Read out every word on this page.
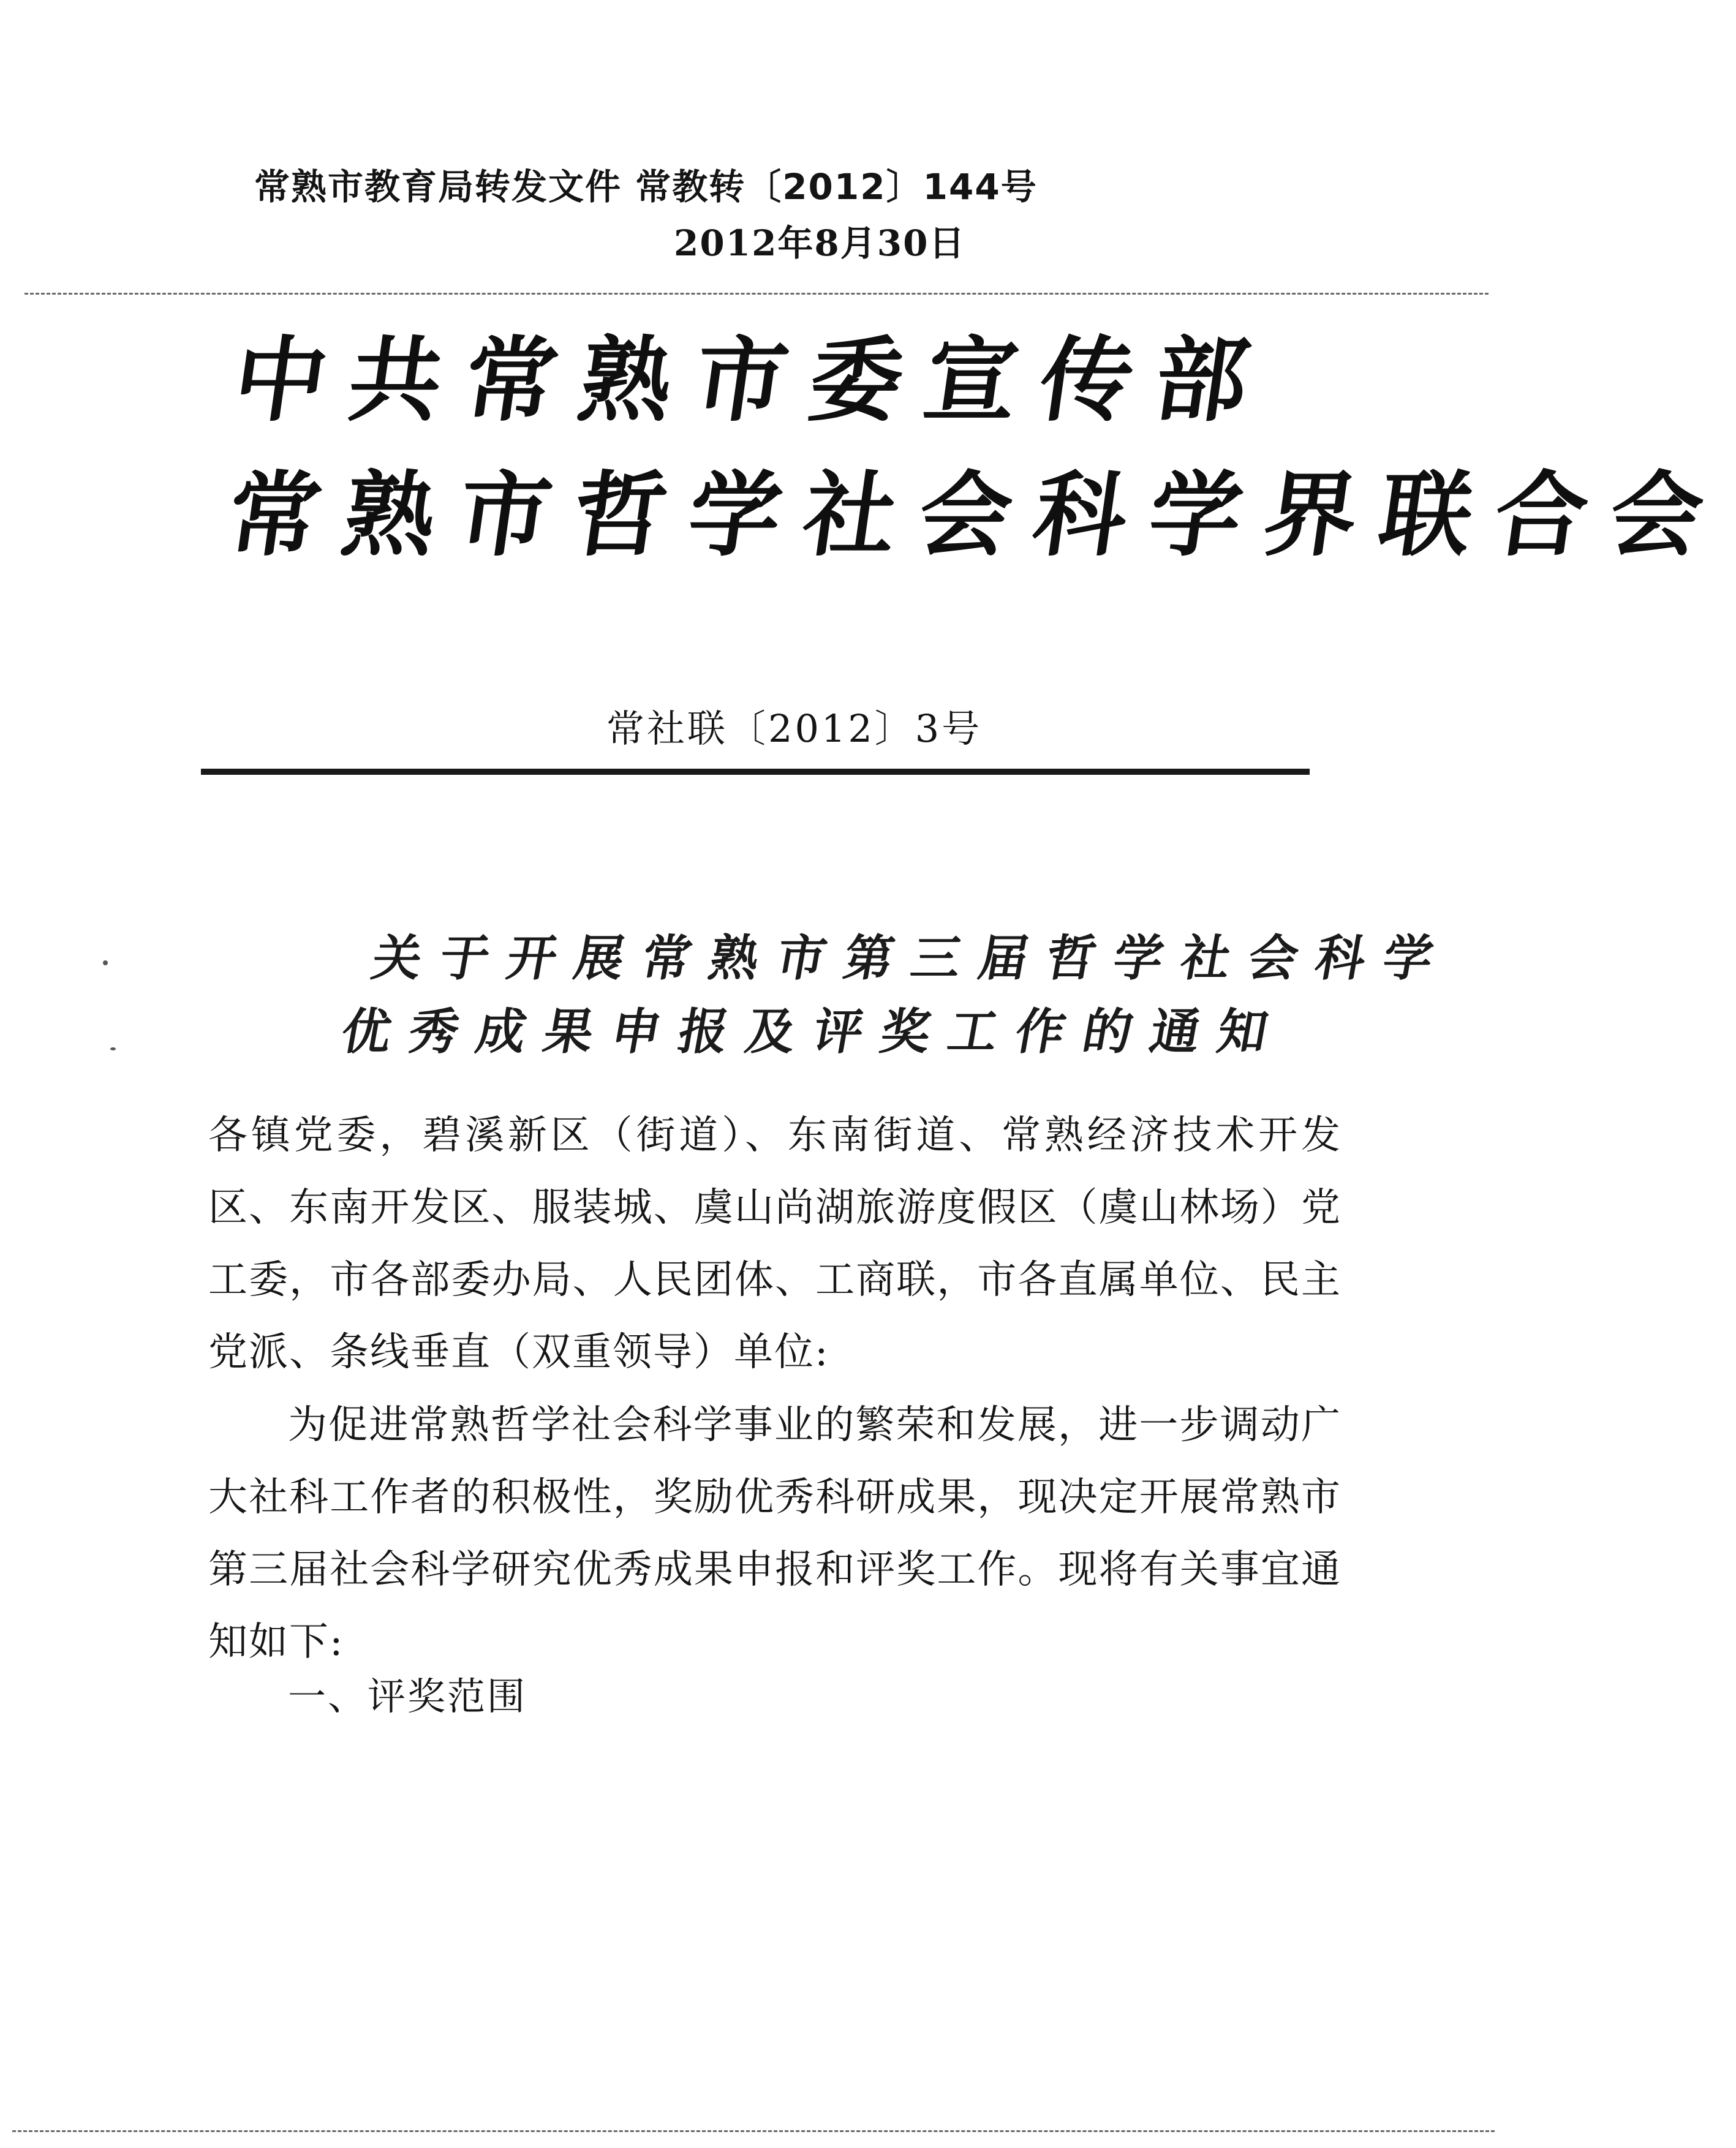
常熟市教育局转发文件 常教转〔2012〕144号
2012年8月30日
中共常熟市委宣传部
常熟市哲学社会科学界联合会
常社联〔2012〕3号
关于开展常熟市第三届哲学社会科学
优秀成果申报及评奖工作的通知
各镇党委，碧溪新区（街道）、东南街道、常熟经济技术开发区、东南开发区、服装城、虞山尚湖旅游度假区（虞山林场）党工委，市各部委办局、人民团体、工商联，市各直属单位、民主党派、条线垂直（双重领导）单位:
为促进常熟哲学社会科学事业的繁荣和发展，进一步调动广大社科工作者的积极性，奖励优秀科研成果，现决定开展常熟市第三届社会科学研究优秀成果申报和评奖工作。现将有关事宜通知如下:
一、评奖范围
